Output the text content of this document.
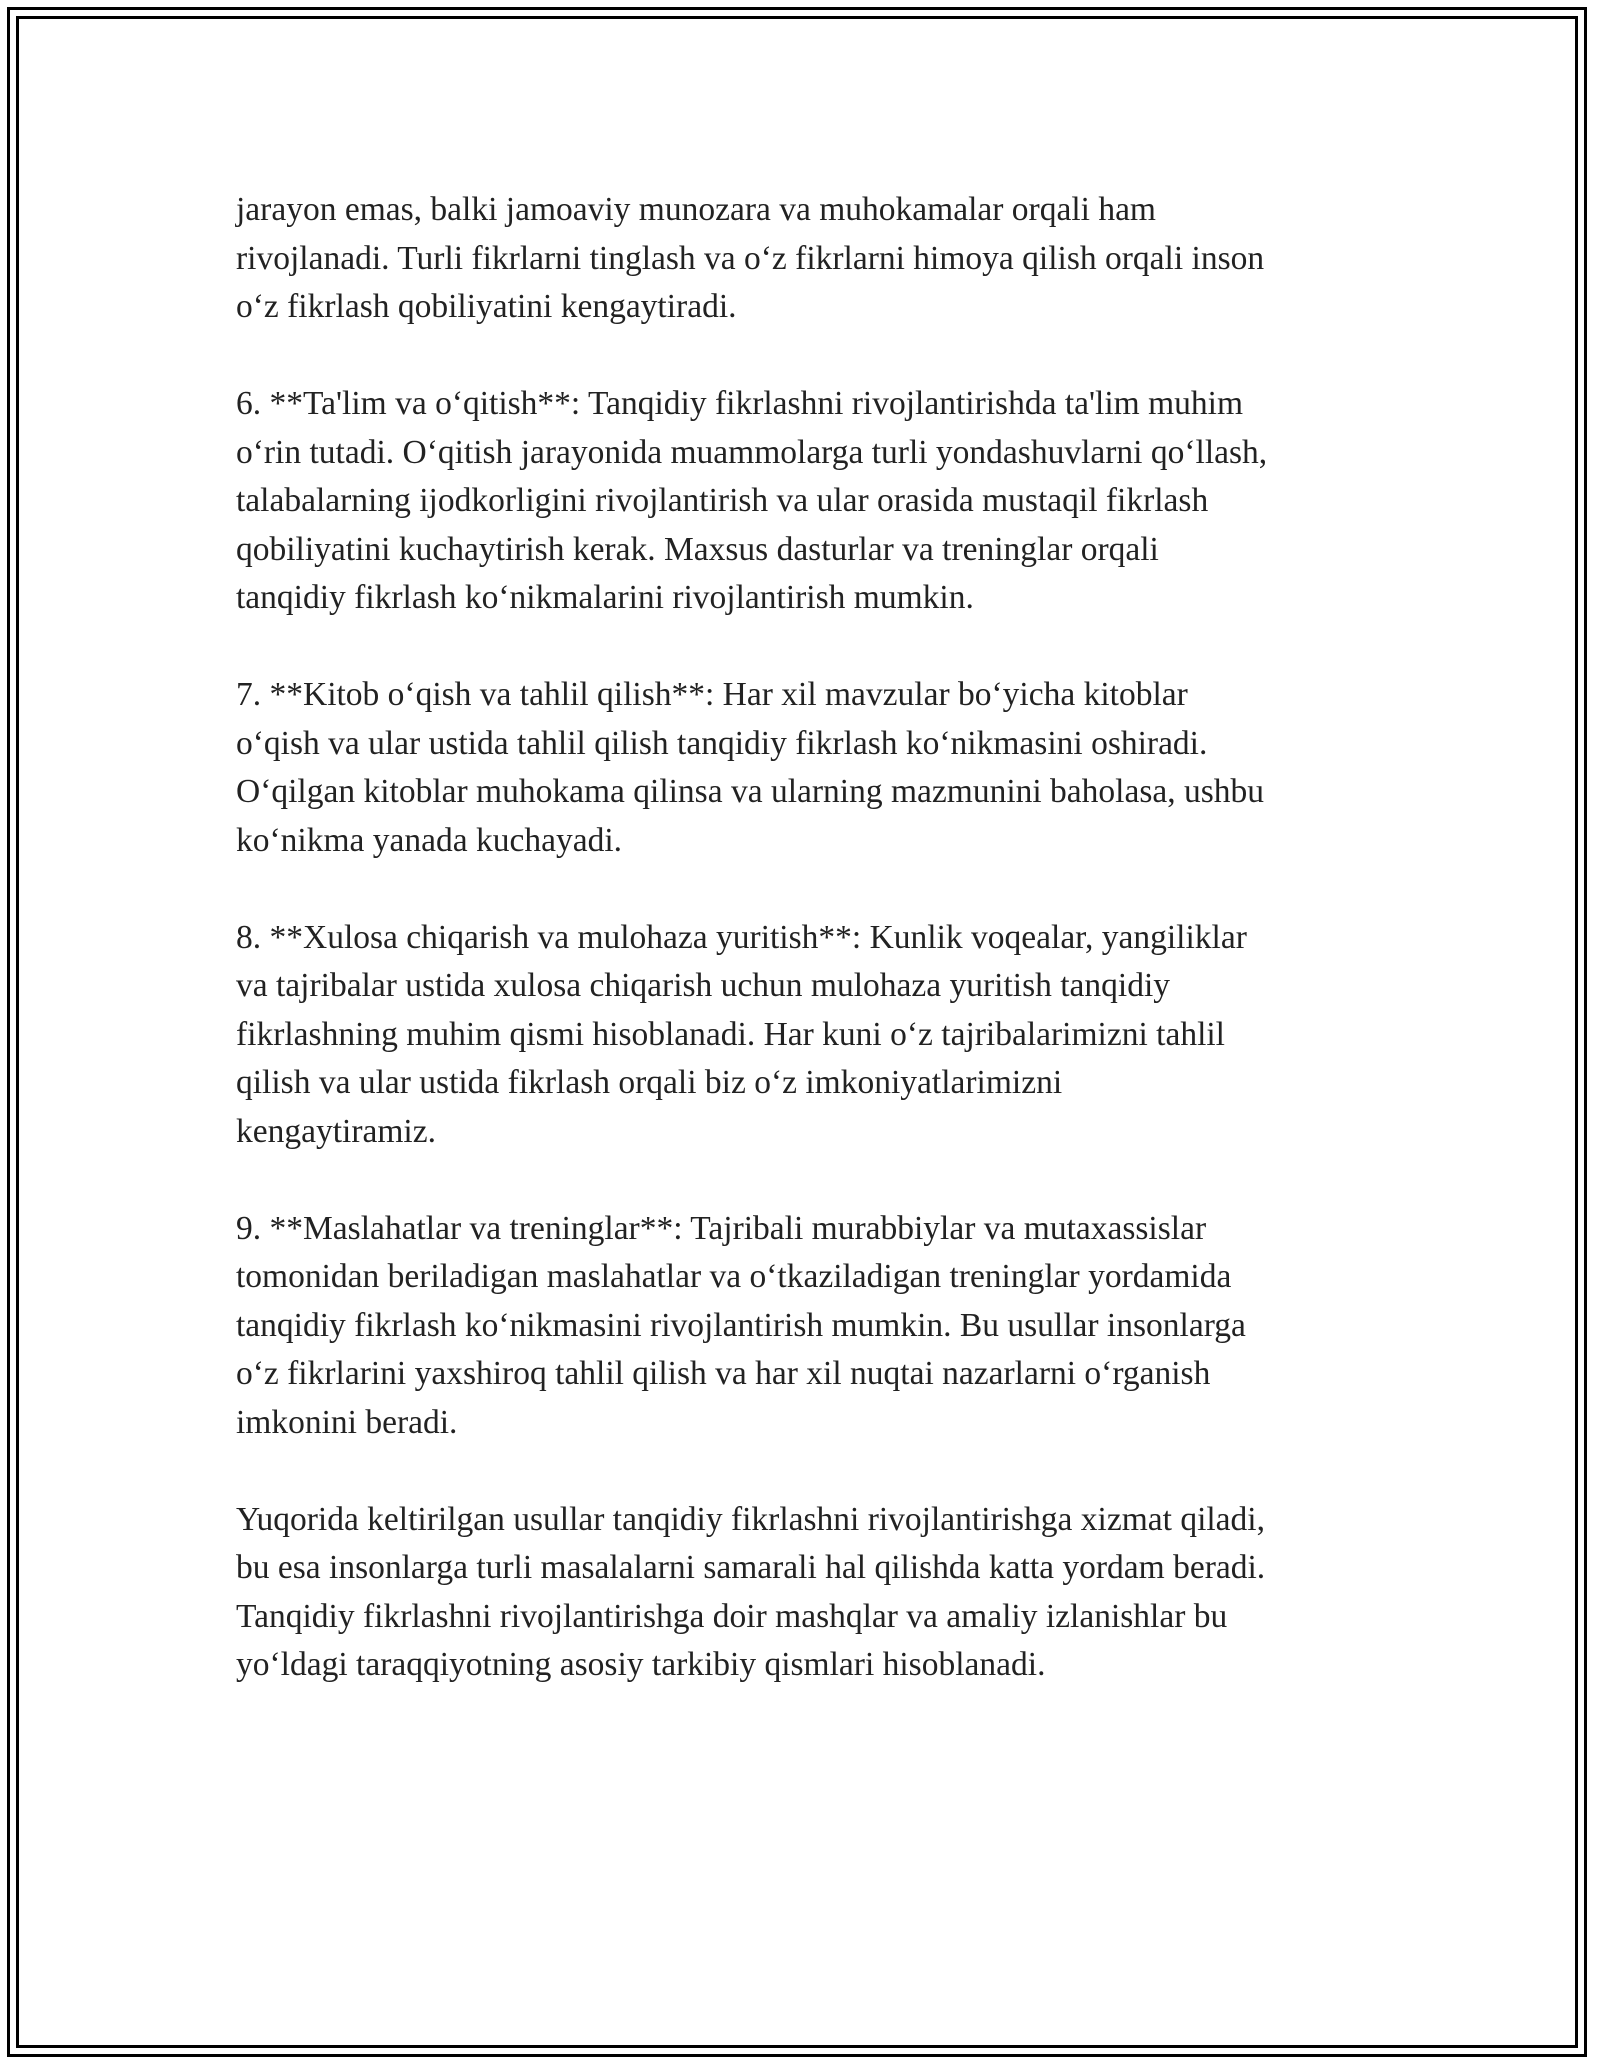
jarayon emas, balki jamoaviy munozara va muhokamalar orqali ham
rivojlanadi. Turli fikrlarni tinglash va o‘z fikrlarni himoya qilish orqali inson
o‘z fikrlash qobiliyatini kengaytiradi.

6. **Ta'lim va o‘qitish**: Tanqidiy fikrlashni rivojlantirishda ta'lim muhim
o‘rin tutadi. O‘qitish jarayonida muammolarga turli yondashuvlarni qo‘llash,
talabalarning ijodkorligini rivojlantirish va ular orasida mustaqil fikrlash
qobiliyatini kuchaytirish kerak. Maxsus dasturlar va treninglar orqali
tanqidiy fikrlash ko‘nikmalarini rivojlantirish mumkin.

7. **Kitob o‘qish va tahlil qilish**: Har xil mavzular bo‘yicha kitoblar
o‘qish va ular ustida tahlil qilish tanqidiy fikrlash ko‘nikmasini oshiradi.
O‘qilgan kitoblar muhokama qilinsa va ularning mazmunini baholasa, ushbu
ko‘nikma yanada kuchayadi.

8. **Xulosa chiqarish va mulohaza yuritish**: Kunlik voqealar, yangiliklar
va tajribalar ustida xulosa chiqarish uchun mulohaza yuritish tanqidiy
fikrlashning muhim qismi hisoblanadi. Har kuni o‘z tajribalarimizni tahlil
qilish va ular ustida fikrlash orqali biz o‘z imkoniyatlarimizni
kengaytiramiz.

9. **Maslahatlar va treninglar**: Tajribali murabbiylar va mutaxassislar
tomonidan beriladigan maslahatlar va o‘tkaziladigan treninglar yordamida
tanqidiy fikrlash ko‘nikmasini rivojlantirish mumkin. Bu usullar insonlarga
o‘z fikrlarini yaxshiroq tahlil qilish va har xil nuqtai nazarlarni o‘rganish
imkonini beradi.

Yuqorida keltirilgan usullar tanqidiy fikrlashni rivojlantirishga xizmat qiladi,
bu esa insonlarga turli masalalarni samarali hal qilishda katta yordam beradi.
Tanqidiy fikrlashni rivojlantirishga doir mashqlar va amaliy izlanishlar bu
yo‘ldagi taraqqiyotning asosiy tarkibiy qismlari hisoblanadi.
